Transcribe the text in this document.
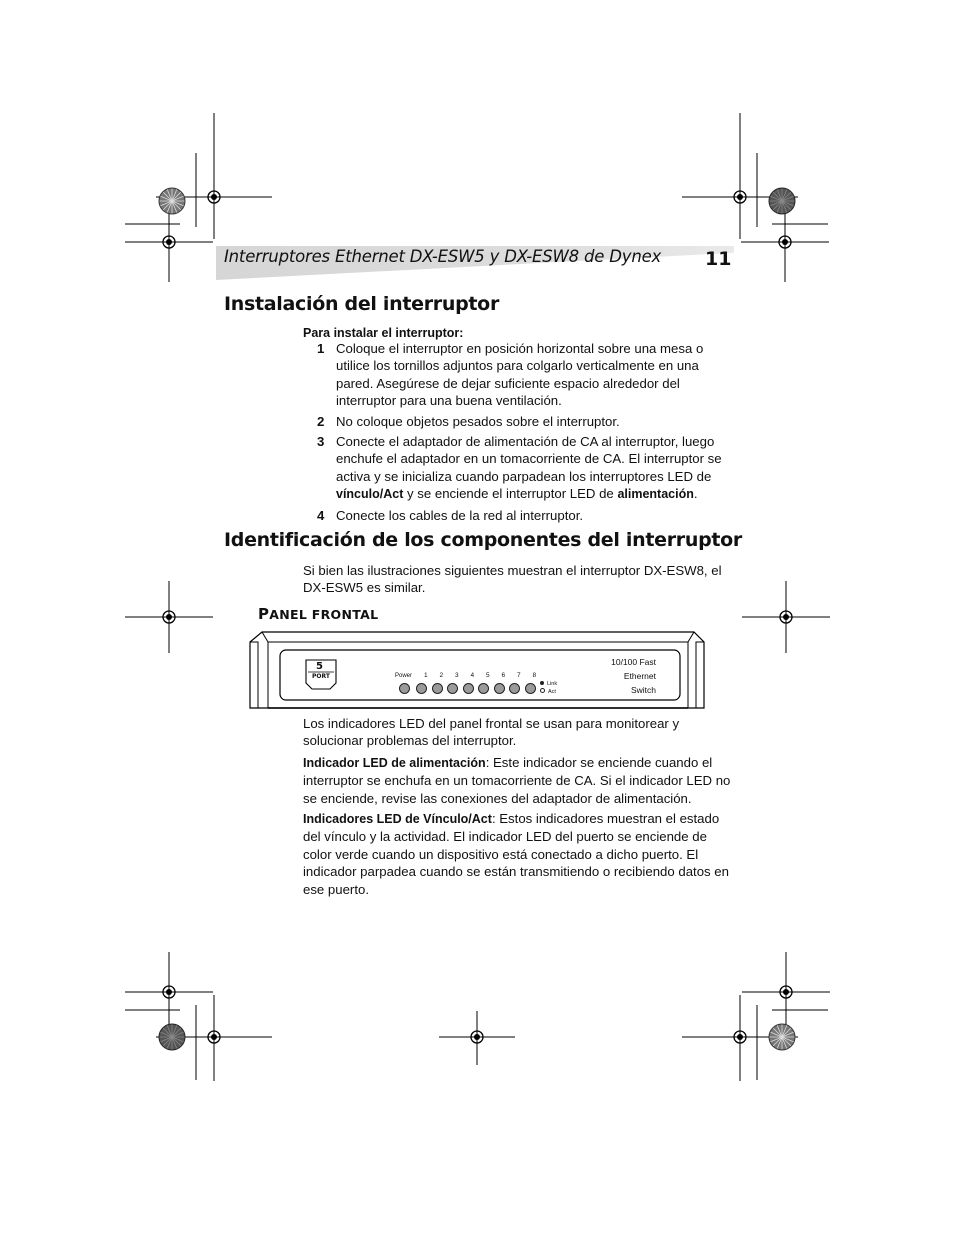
Interruptores Ethernet DX-ESW5 y DX-ESW8 de Dynex 11
Instalación del interruptor
Para instalar el interruptor:
1 Coloque el interruptor en posición horizontal sobre una mesa o utilice los tornillos adjuntos para colgarlo verticalmente en una pared. Asegúrese de dejar suficiente espacio alrededor del interruptor para una buena ventilación.
2 No coloque objetos pesados sobre el interruptor.
3 Conecte el adaptador de alimentación de CA al interruptor, luego enchufe el adaptador en un tomacorriente de CA. El interruptor se activa y se inicializa cuando parpadean los interruptores LED de vínculo/Act y se enciende el interruptor LED de alimentación.
4 Conecte los cables de la red al interruptor.
Identificación de los componentes del interruptor
Si bien las ilustraciones siguientes muestran el interruptor DX-ESW8, el DX-ESW5 es similar.
PANEL FRONTAL
5
PORT	Power	1	2	3	4	5	6	7	8
Link
Act
10/100 Fast
Ethernet
Switch
Los indicadores LED del panel frontal se usan para monitorear y solucionar problemas del interruptor.
Indicador LED de alimentación: Este indicador se enciende cuando el interruptor se enchufa en un tomacorriente de CA. Si el indicador LED no se enciende, revise las conexiones del adaptador de alimentación.
Indicadores LED de Vínculo/Act: Estos indicadores muestran el estado del vínculo y la actividad. El indicador LED del puerto se enciende de color verde cuando un dispositivo está conectado a dicho puerto. El indicador parpadea cuando se están transmitiendo o recibiendo datos en ese puerto.
